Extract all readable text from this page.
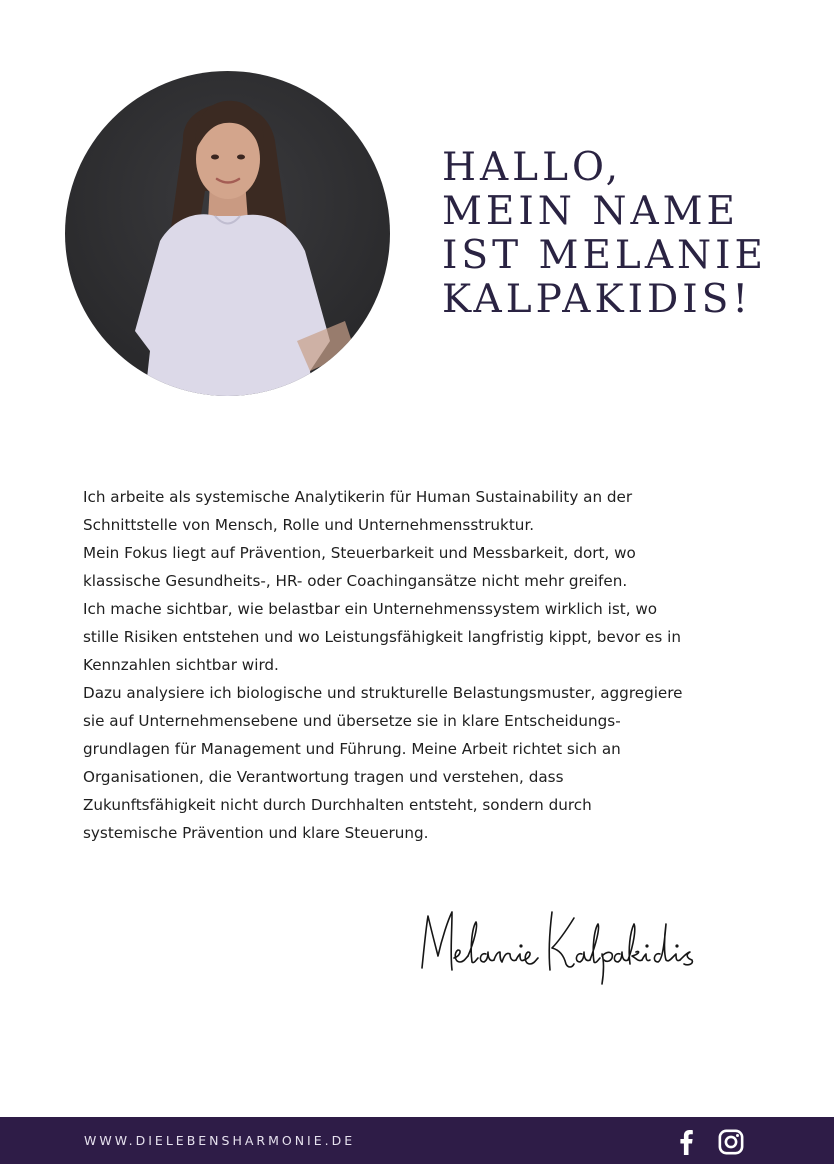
HALLO,
MEIN NAME
IST MELANIE
KALPAKIDIS!
Ich arbeite als systemische Analytikerin für Human Sustainability an der
Schnittstelle von Mensch, Rolle und Unternehmensstruktur.
Mein Fokus liegt auf Prävention, Steuerbarkeit und Messbarkeit, dort, wo
klassische Gesundheits-, HR- oder Coachingansätze nicht mehr greifen.
Ich mache sichtbar, wie belastbar ein Unternehmenssystem wirklich ist, wo
stille Risiken entstehen und wo Leistungsfähigkeit langfristig kippt, bevor es in
Kennzahlen sichtbar wird.
Dazu analysiere ich biologische und strukturelle Belastungsmuster, aggregiere
sie auf Unternehmensebene und übersetze sie in klare Entscheidungs-
grundlagen für Management und Führung. Meine Arbeit richtet sich an
Organisationen, die Verantwortung tragen und verstehen, dass
Zukunftsfähigkeit nicht durch Durchhalten entsteht, sondern durch
systemische Prävention und klare Steuerung.
WWW.DIELEBENSHARMONIE.DE
